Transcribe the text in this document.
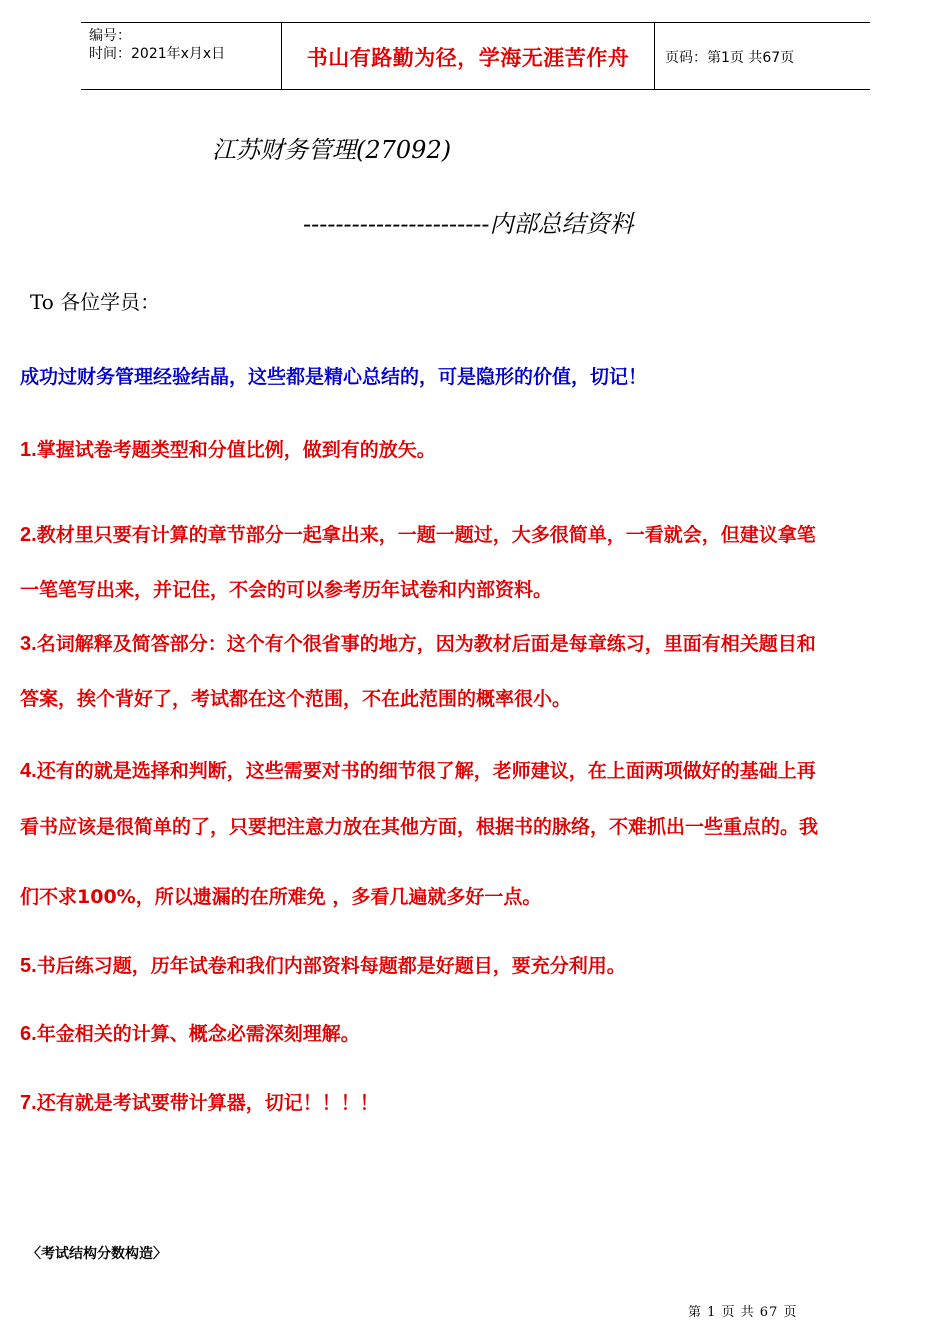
编号：
时间：2021年x月x日	书山有路勤为径，学海无涯苦作舟	页码：第1页 共67页
江苏财务管理(27092)
-----------------------内部总结资料
To 各位学员：
成功过财务管理经验结晶，这些都是精心总结的，可是隐形的价值，切记！
1.掌握试卷考题类型和分值比例，做到有的放矢。
2.教材里只要有计算的章节部分一起拿出来，一题一题过，大多很简单，一看就会，但建议拿笔
一笔笔写出来，并记住，不会的可以参考历年试卷和内部资料。
3.名词解释及简答部分：这个有个很省事的地方，因为教材后面是每章练习，里面有相关题目和
答案，挨个背好了，考试都在这个范围，不在此范围的概率很小。
4.还有的就是选择和判断，这些需要对书的细节很了解，老师建议，在上面两项做好的基础上再
看书应该是很简单的了，只要把注意力放在其他方面，根据书的脉络，不难抓出一些重点的。我
们不求100%，所以遗漏的在所难免 ，多看几遍就多好一点。
5.书后练习题，历年试卷和我们内部资料每题都是好题目，要充分利用。
6.年金相关的计算、概念必需深刻理解。
7.还有就是考试要带计算器，切记！！！！
〈考试结构分数构造〉
第 1 页 共 67 页
